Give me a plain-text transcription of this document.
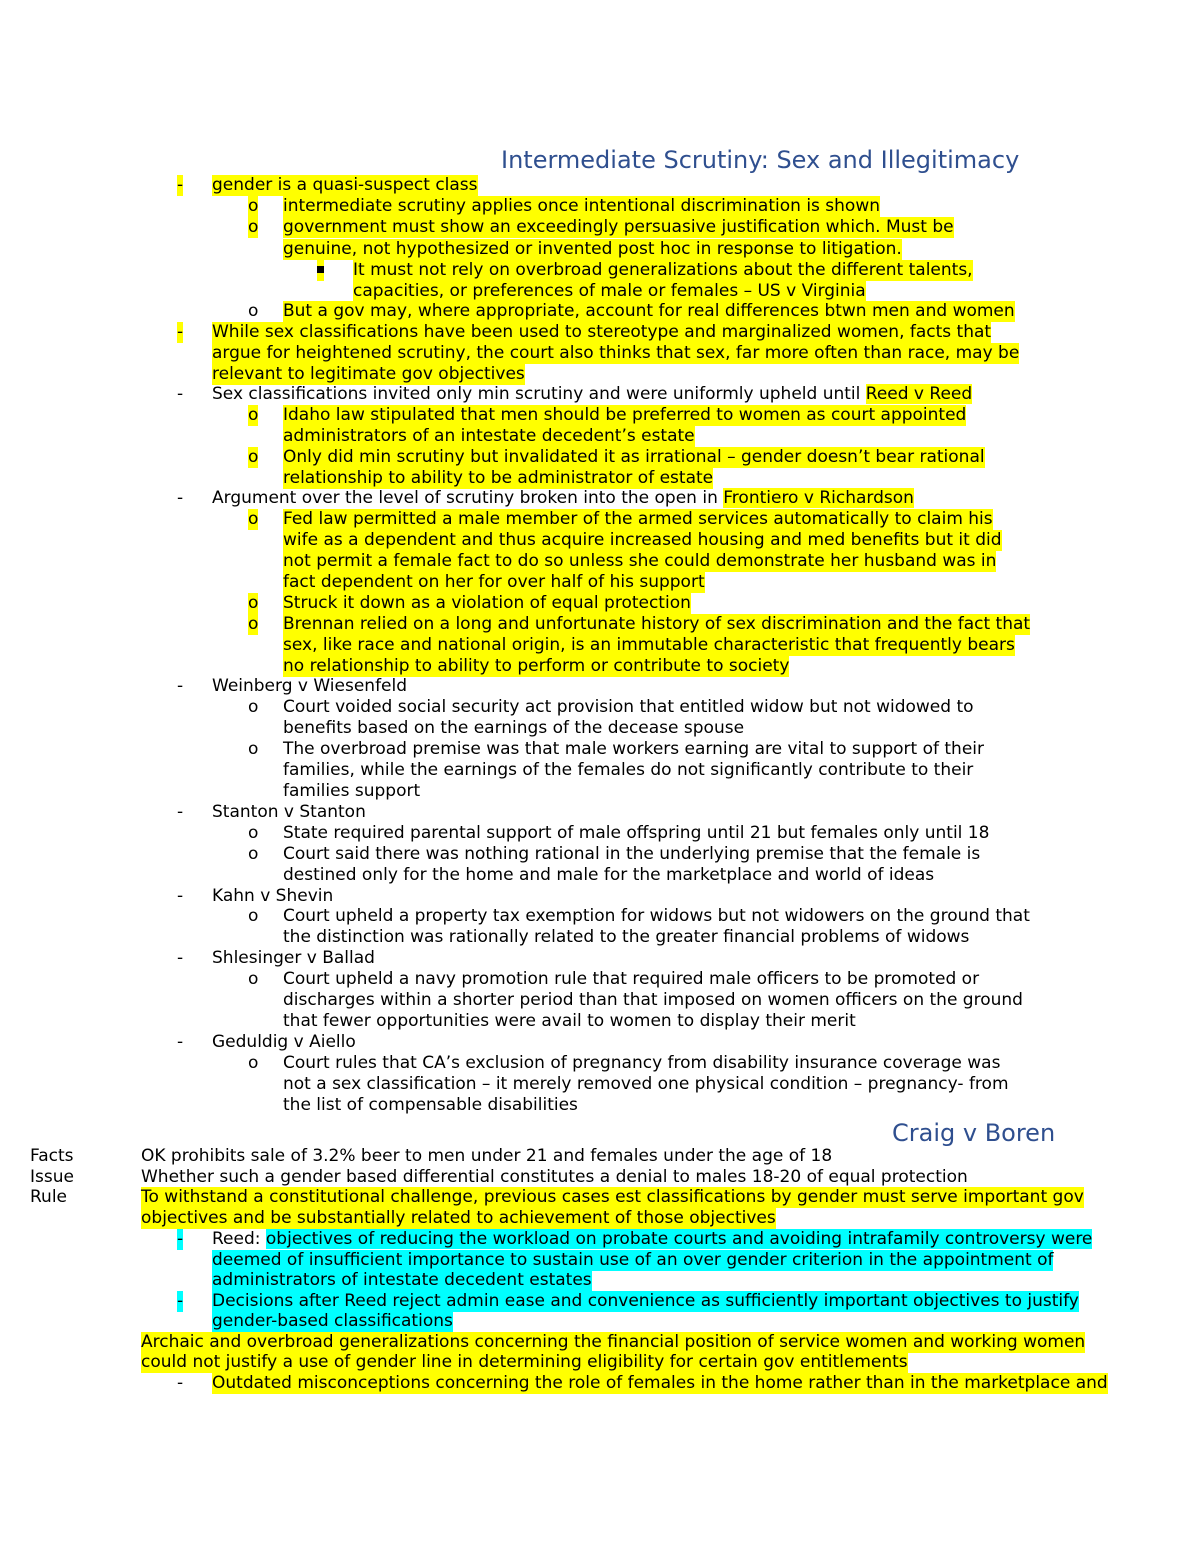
Intermediate Scrutiny: Sex and Illegitimacy
- gender is a quasi-suspect class
o intermediate scrutiny applies once intentional discrimination is shown
o government must show an exceedingly persuasive justification which. Must be
genuine, not hypothesized or invented post hoc in response to litigation.
It must not rely on overbroad generalizations about the different talents,
capacities, or preferences of male or females – US v Virginia
o But a gov may, where appropriate, account for real differences btwn men and women
- While sex classifications have been used to stereotype and marginalized women, facts that
argue for heightened scrutiny, the court also thinks that sex, far more often than race, may be
relevant to legitimate gov objectives
- Sex classifications invited only min scrutiny and were uniformly upheld until Reed v Reed
o Idaho law stipulated that men should be preferred to women as court appointed
administrators of an intestate decedent’s estate
o Only did min scrutiny but invalidated it as irrational – gender doesn’t bear rational
relationship to ability to be administrator of estate
- Argument over the level of scrutiny broken into the open in Frontiero v Richardson
o Fed law permitted a male member of the armed services automatically to claim his
wife as a dependent and thus acquire increased housing and med benefits but it did
not permit a female fact to do so unless she could demonstrate her husband was in
fact dependent on her for over half of his support
o Struck it down as a violation of equal protection
o Brennan relied on a long and unfortunate history of sex discrimination and the fact that
sex, like race and national origin, is an immutable characteristic that frequently bears
no relationship to ability to perform or contribute to society
- Weinberg v Wiesenfeld
o Court voided social security act provision that entitled widow but not widowed to
benefits based on the earnings of the decease spouse
o The overbroad premise was that male workers earning are vital to support of their
families, while the earnings of the females do not significantly contribute to their
families support
- Stanton v Stanton
o State required parental support of male offspring until 21 but females only until 18
o Court said there was nothing rational in the underlying premise that the female is
destined only for the home and male for the marketplace and world of ideas
- Kahn v Shevin
o Court upheld a property tax exemption for widows but not widowers on the ground that
the distinction was rationally related to the greater financial problems of widows
- Shlesinger v Ballad
o Court upheld a navy promotion rule that required male officers to be promoted or
discharges within a shorter period than that imposed on women officers on the ground
that fewer opportunities were avail to women to display their merit
- Geduldig v Aiello
o Court rules that CA’s exclusion of pregnancy from disability insurance coverage was
not a sex classification – it merely removed one physical condition – pregnancy- from
the list of compensable disabilities
Craig v Boren
Facts	OK prohibits sale of 3.2% beer to men under 21 and females under the age of 18
Issue	Whether such a gender based differential constitutes a denial to males 18-20 of equal protection
Rule	To withstand a constitutional challenge, previous cases est classifications by gender must serve important gov
objectives and be substantially related to achievement of those objectives
- Reed: objectives of reducing the workload on probate courts and avoiding intrafamily controversy were
deemed of insufficient importance to sustain use of an over gender criterion in the appointment of
administrators of intestate decedent estates
- Decisions after Reed reject admin ease and convenience as sufficiently important objectives to justify
gender-based classifications
Archaic and overbroad generalizations concerning the financial position of service women and working women
could not justify a use of gender line in determining eligibility for certain gov entitlements
- Outdated misconceptions concerning the role of females in the home rather than in the marketplace and
